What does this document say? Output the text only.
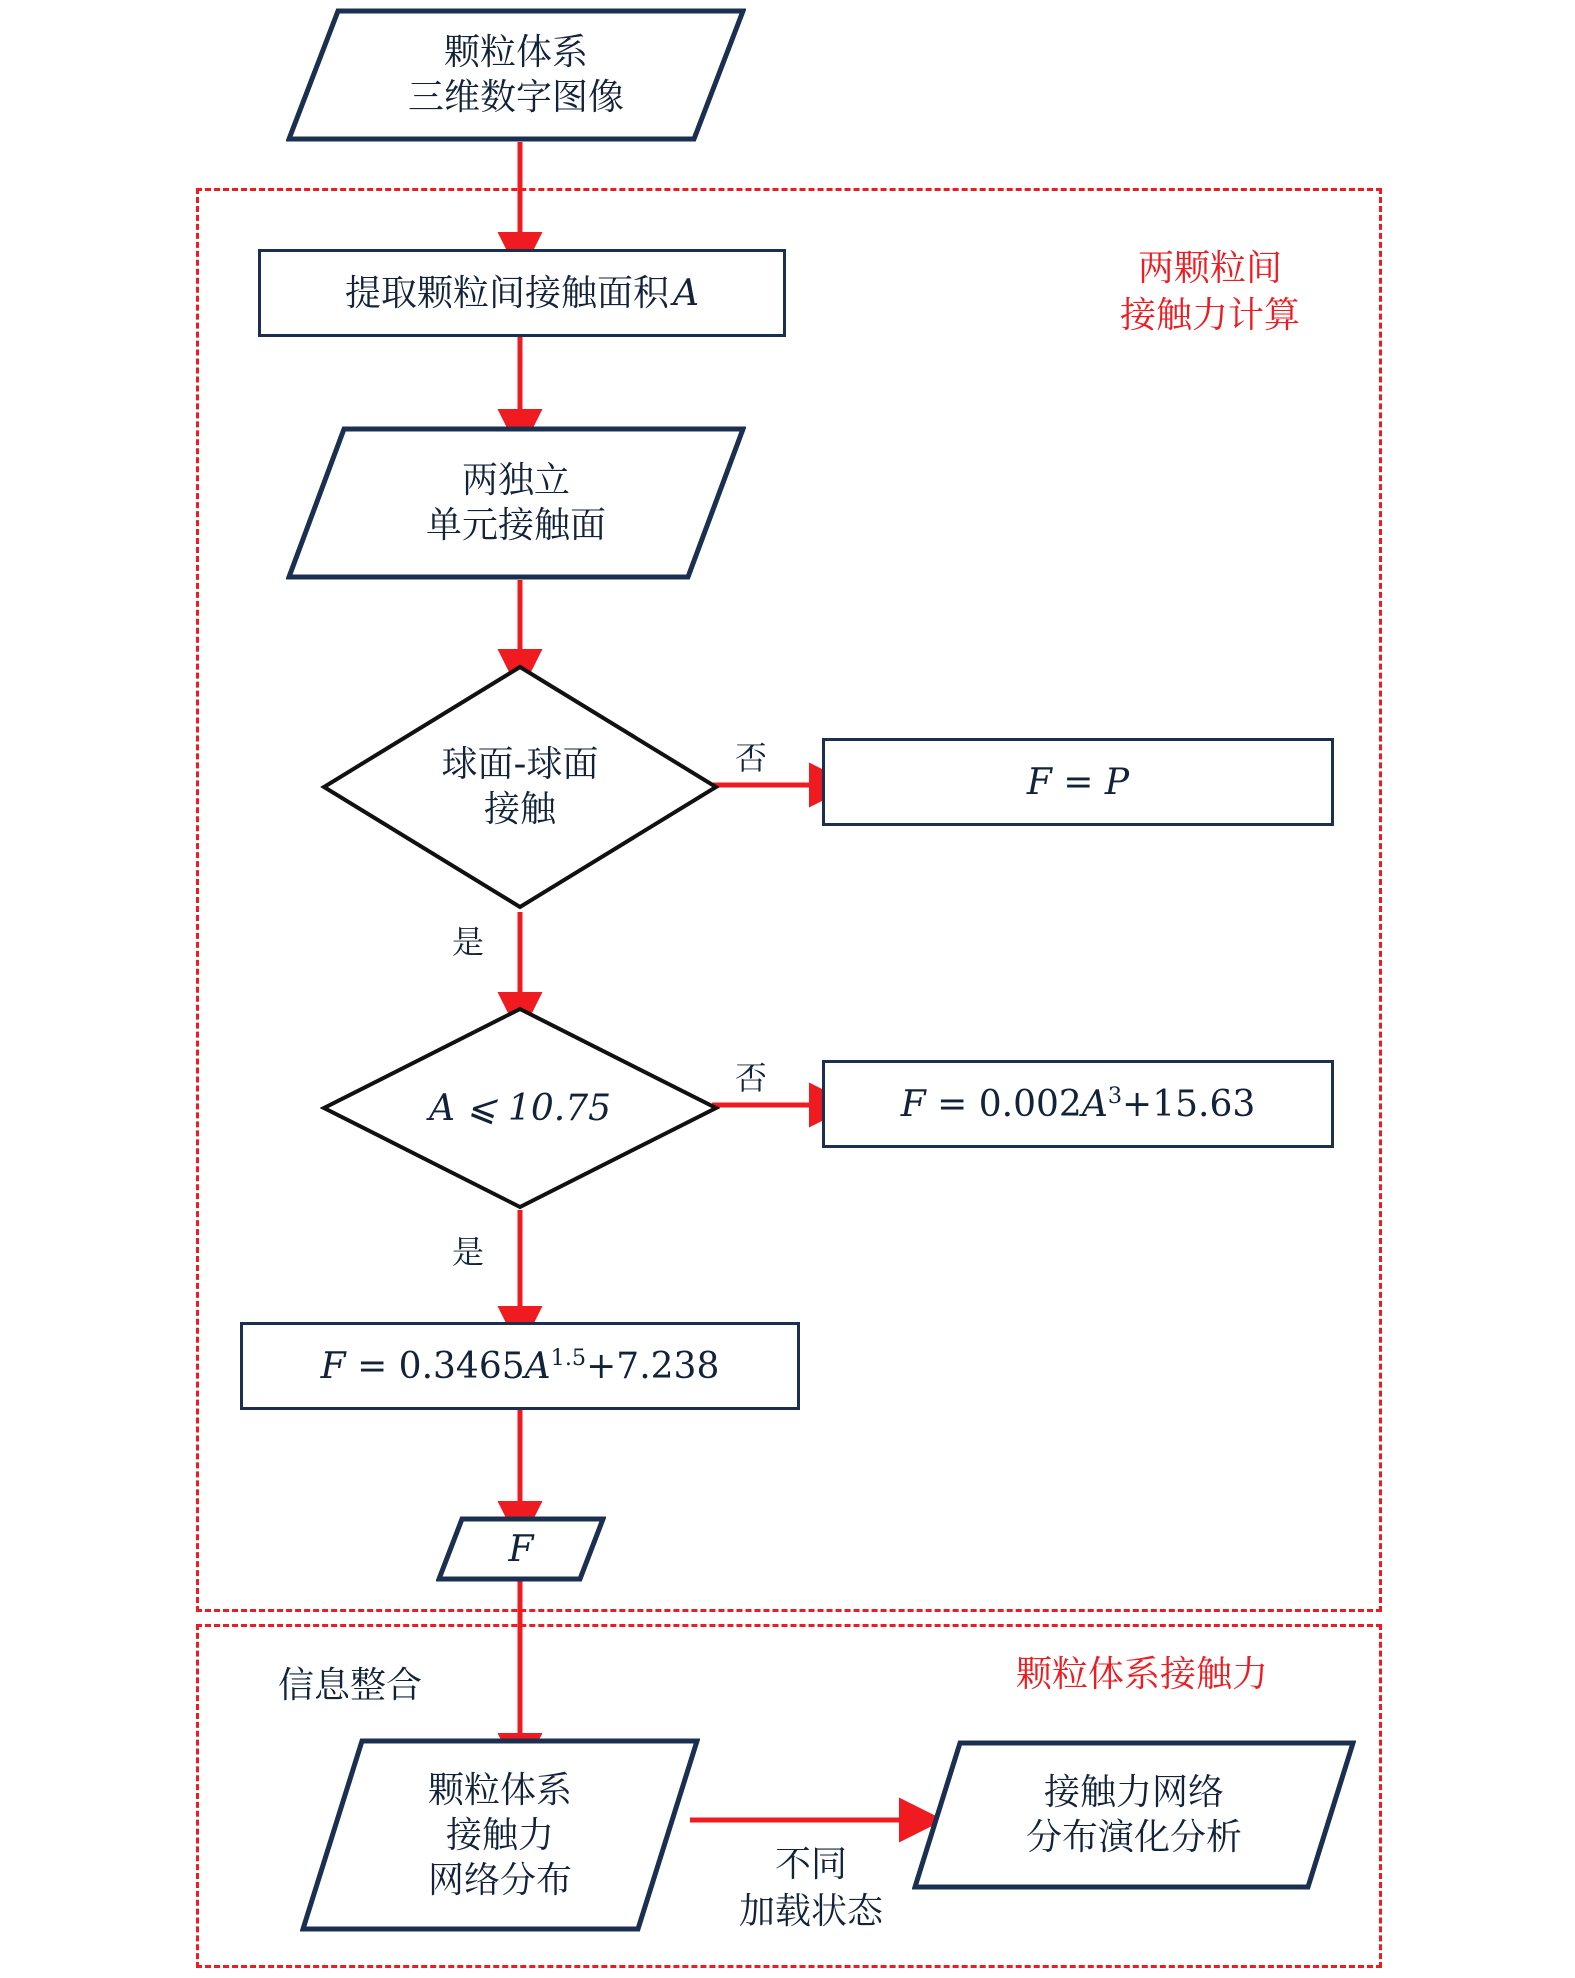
颗粒体系
三维数字图像
两颗粒间
接触力计算
提取颗粒间接触面积 A
两独立
单元接触面
球面-球面
接触
否
是
F = P
A ⩽ 10.75
否
是
$F = 0.002A^3+15.63$
$F = 0.3465A^{1.5}+7.238$
F
信息整合	颗粒体系接触力
颗粒体系
接触力
网络分布	不同
加载状态
接触力网络
分布演化分析
